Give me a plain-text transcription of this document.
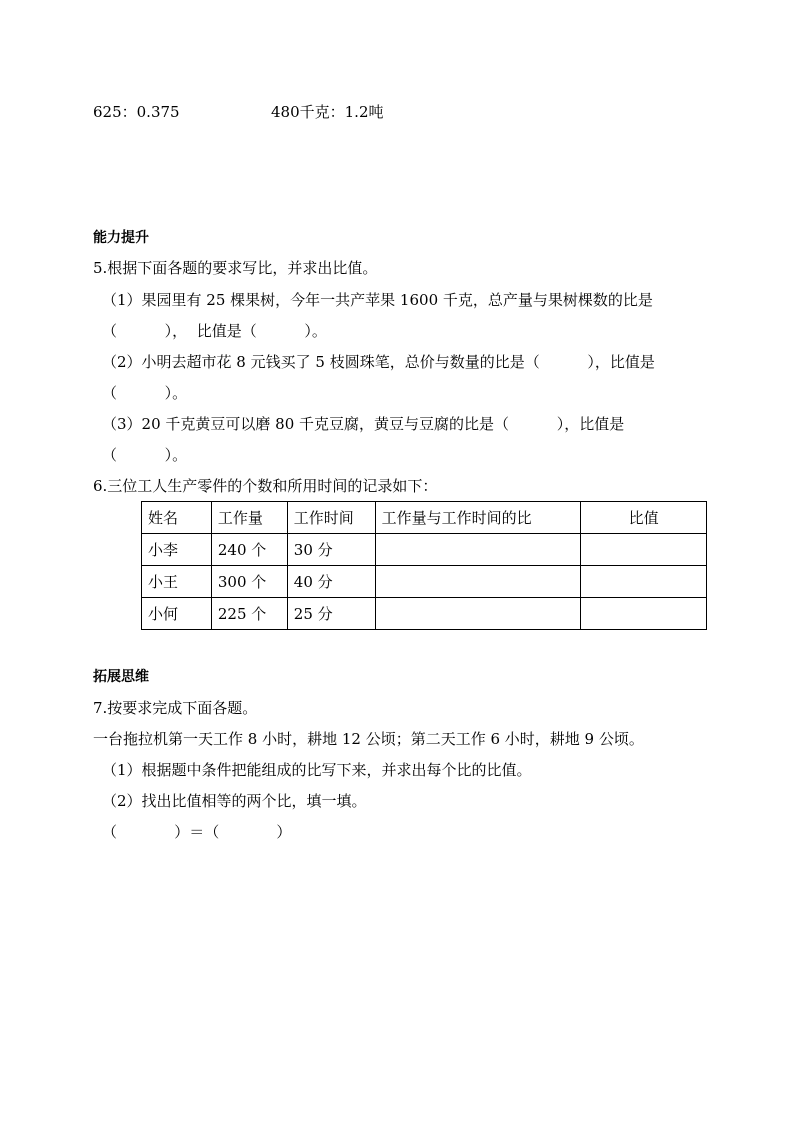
625：0.375	480千克：1.2吨
能力提升
5.根据下面各题的要求写比，并求出比值。
（1）果园里有 25 棵果树，今年一共产苹果 1600 千克，总产量与果树棵数的比是
（          ），  比值是（          ）。
（2）小明去超市花 8 元钱买了 5 枝圆珠笔，总价与数量的比是（          ），比值是
（          ）。
（3）20 千克黄豆可以磨 80 千克豆腐，黄豆与豆腐的比是（          ），比值是
（          ）。
6.三位工人生产零件的个数和所用时间的记录如下：
姓名	工作量	工作时间	工作量与工作时间的比	比值
小李	240 个	30 分		
小王	300 个	40 分		
小何	225 个	25 分		
拓展思维
7.按要求完成下面各题。
一台拖拉机第一天工作 8 小时，耕地 12 公顷；第二天工作 6 小时，耕地 9 公顷。
（1）根据题中条件把能组成的比写下来，并求出每个比的比值。
（2）找出比值相等的两个比，填一填。
（            ）＝（            ）
